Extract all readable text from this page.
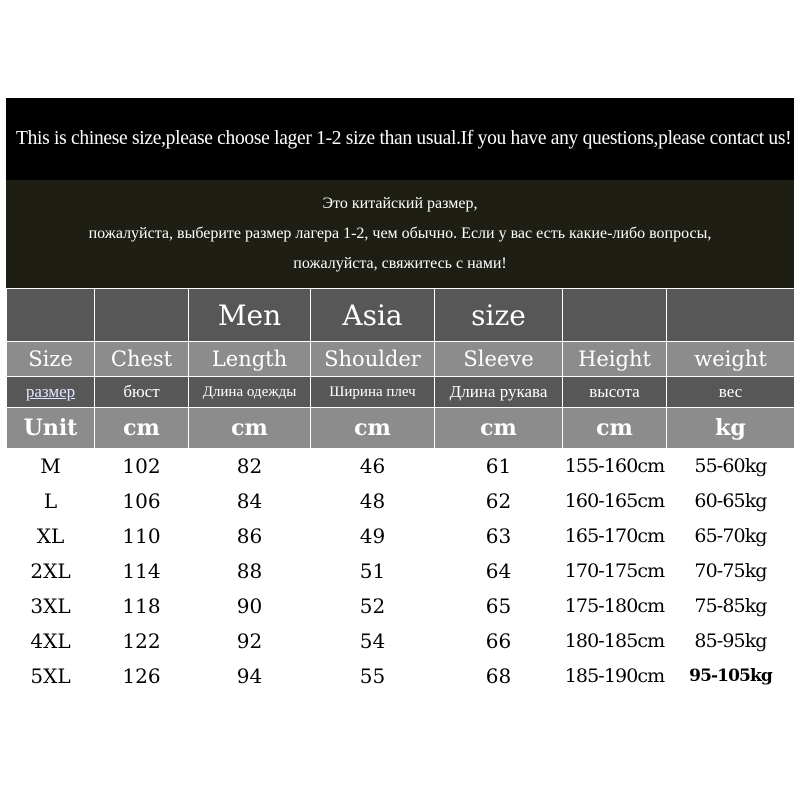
This is chinese size,please choose lager 1-2 size than usual.If you have any questions,please contact us!
Это китайский размер,
пожалуйста, выберите размер лагера 1-2, чем обычно. Если у вас есть какие-либо вопросы,
пожалуйста, свяжитесь с нами!
		Men	Asia	size		
Size	Chest	Length	Shoulder	Sleeve	Height	weight
размер	бюст	Длина одежды	Ширина плеч	Длина рукава	высота	вес
Unit	cm	cm	cm	cm	cm	kg
M	102	82	46	61	155-160cm	55-60kg
L	106	84	48	62	160-165cm	60-65kg
XL	110	86	49	63	165-170cm	65-70kg
2XL	114	88	51	64	170-175cm	70-75kg
3XL	118	90	52	65	175-180cm	75-85kg
4XL	122	92	54	66	180-185cm	85-95kg
5XL	126	94	55	68	185-190cm	95-105kg
